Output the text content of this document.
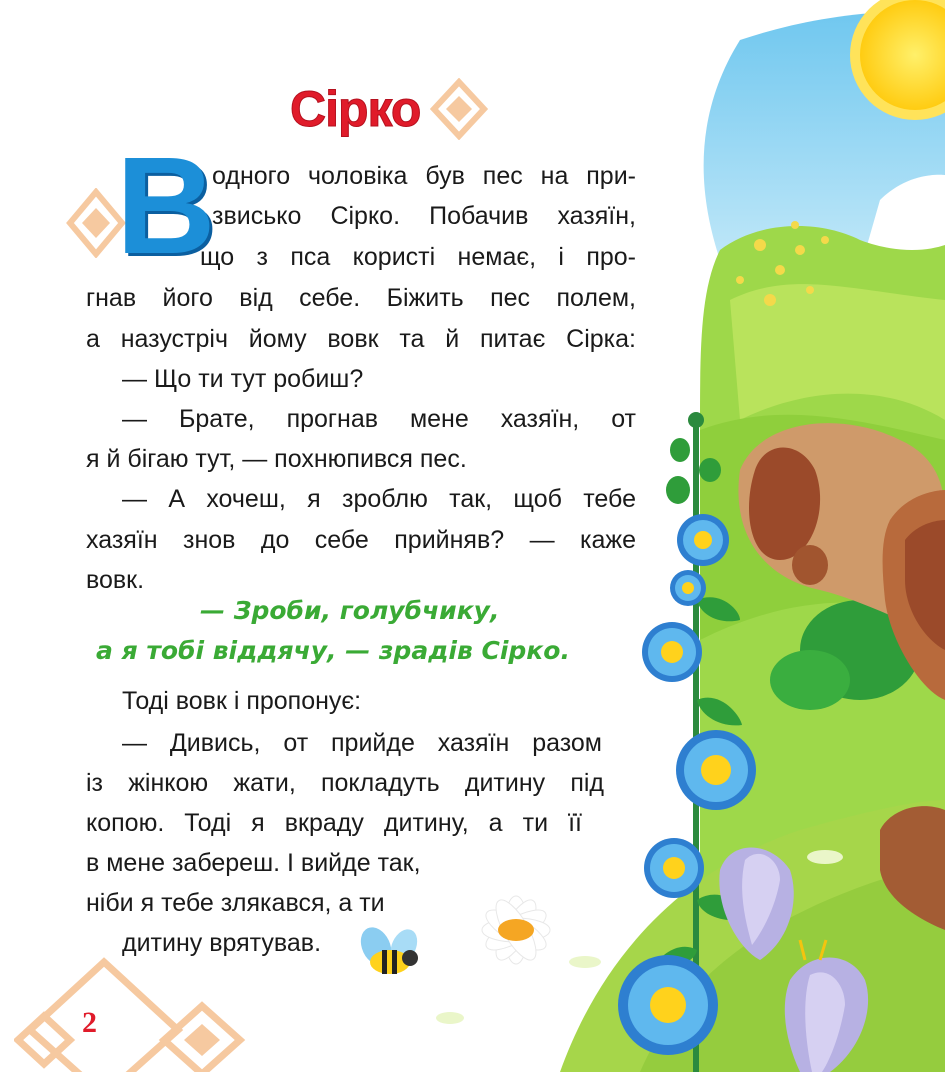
Сірко
В
одного чоловіка був пес на при-
звисько Сірко. Побачив хазяїн,
що з пса користі немає, і про-
гнав його від себе. Біжить пес полем,
а назустріч йому вовк та й питає Сірка:
— Що ти тут робиш?
— Брате, прогнав мене хазяїн, от
я й бігаю тут, — похнюпився пес.
— А хочеш, я зроблю так, щоб тебе
хазяїн знов до себе прийняв? — каже
вовк.
— Зроби, голубчику,
а я тобі віддячу, — зрадів Сірко.
Тоді вовк і пропонує:
— Дивись, от прийде хазяїн разом
із жінкою жати, покладуть дитину під
копою. Тоді я вкраду дитину, а ти її
в мене забереш. І вийде так,
ніби я тебе злякався, а ти
дитину врятував.
2
